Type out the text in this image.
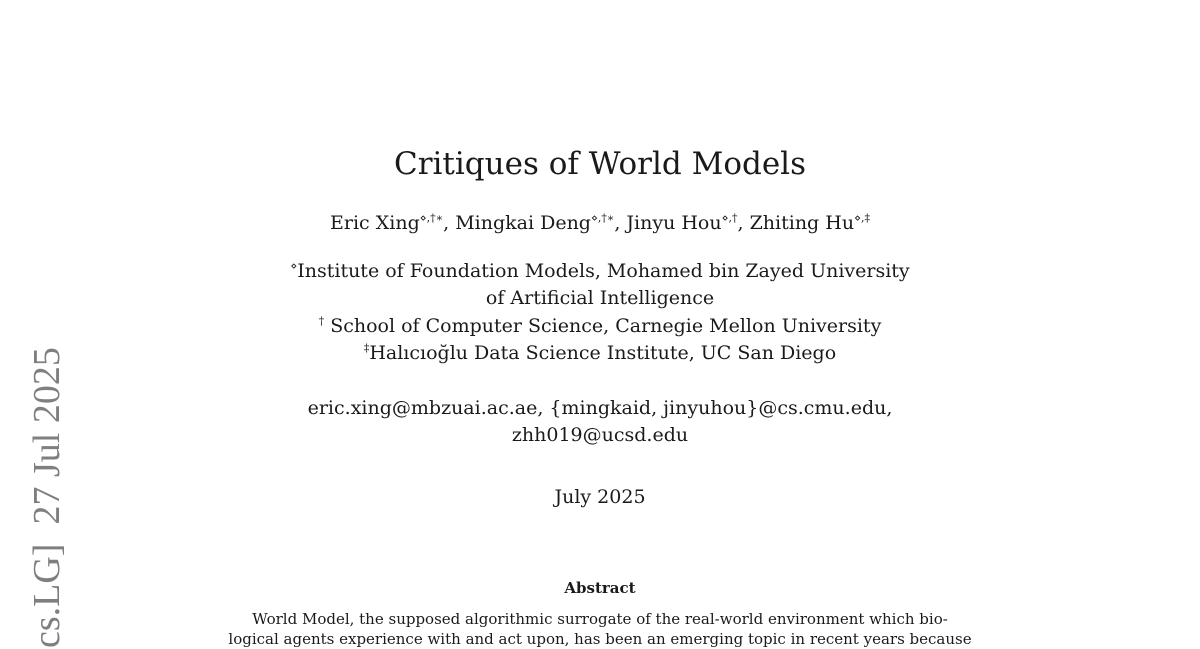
cs.LG]  27 Jul 2025
Critiques of World Models
Eric Xing⋄,†∗, Mingkai Deng⋄,†∗, Jinyu Hou⋄,†, Zhiting Hu⋄,‡
⋄Institute of Foundation Models, Mohamed bin Zayed University
of Artificial Intelligence
† School of Computer Science, Carnegie Mellon University
‡Halıcıoğlu Data Science Institute, UC San Diego
eric.xing@mbzuai.ac.ae, {mingkaid, jinyuhou}@cs.cmu.edu,
zhh019@ucsd.edu
July 2025
Abstract
World Model, the supposed algorithmic surrogate of the real-world environment which bio-
logical agents experience with and act upon, has been an emerging topic in recent years because
